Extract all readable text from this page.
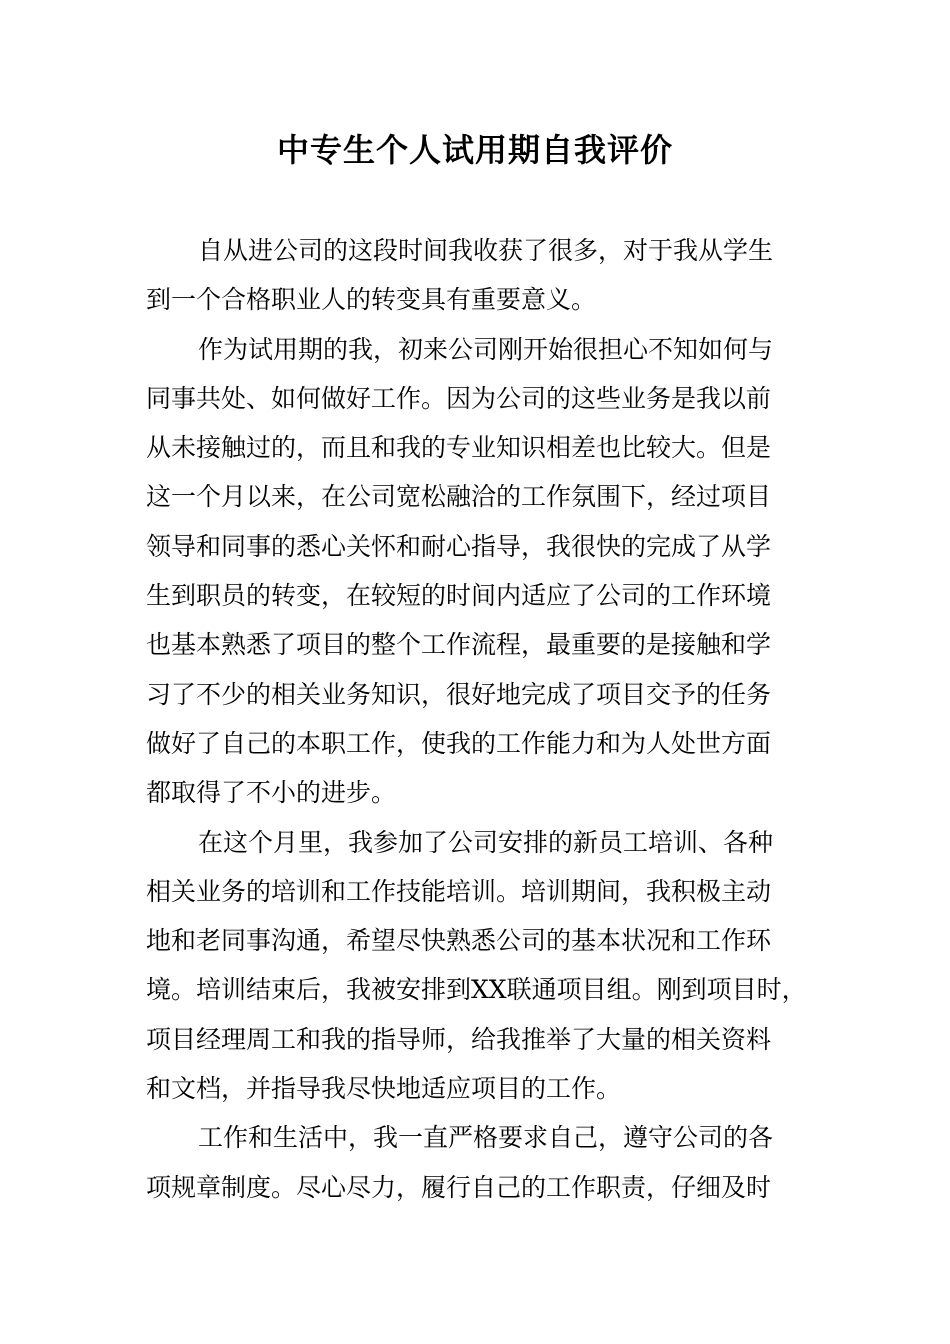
中专生个人试用期自我评价
自从进公司的这段时间我收获了很多，对于我从学生
到一个合格职业人的转变具有重要意义。
作为试用期的我，初来公司刚开始很担心不知如何与
同事共处、如何做好工作。因为公司的这些业务是我以前
从未接触过的，而且和我的专业知识相差也比较大。但是
这一个月以来，在公司宽松融洽的工作氛围下，经过项目
领导和同事的悉心关怀和耐心指导，我很快的完成了从学
生到职员的转变，在较短的时间内适应了公司的工作环境
也基本熟悉了项目的整个工作流程，最重要的是接触和学
习了不少的相关业务知识，很好地完成了项目交予的任务
做好了自己的本职工作，使我的工作能力和为人处世方面
都取得了不小的进步。
在这个月里，我参加了公司安排的新员工培训、各种
相关业务的培训和工作技能培训。培训期间，我积极主动
地和老同事沟通，希望尽快熟悉公司的基本状况和工作环
境。培训结束后，我被安排到XX联通项目组。刚到项目时，
项目经理周工和我的指导师，给我推举了大量的相关资料
和文档，并指导我尽快地适应项目的工作。
工作和生活中，我一直严格要求自己，遵守公司的各
项规章制度。尽心尽力，履行自己的工作职责，仔细及时
